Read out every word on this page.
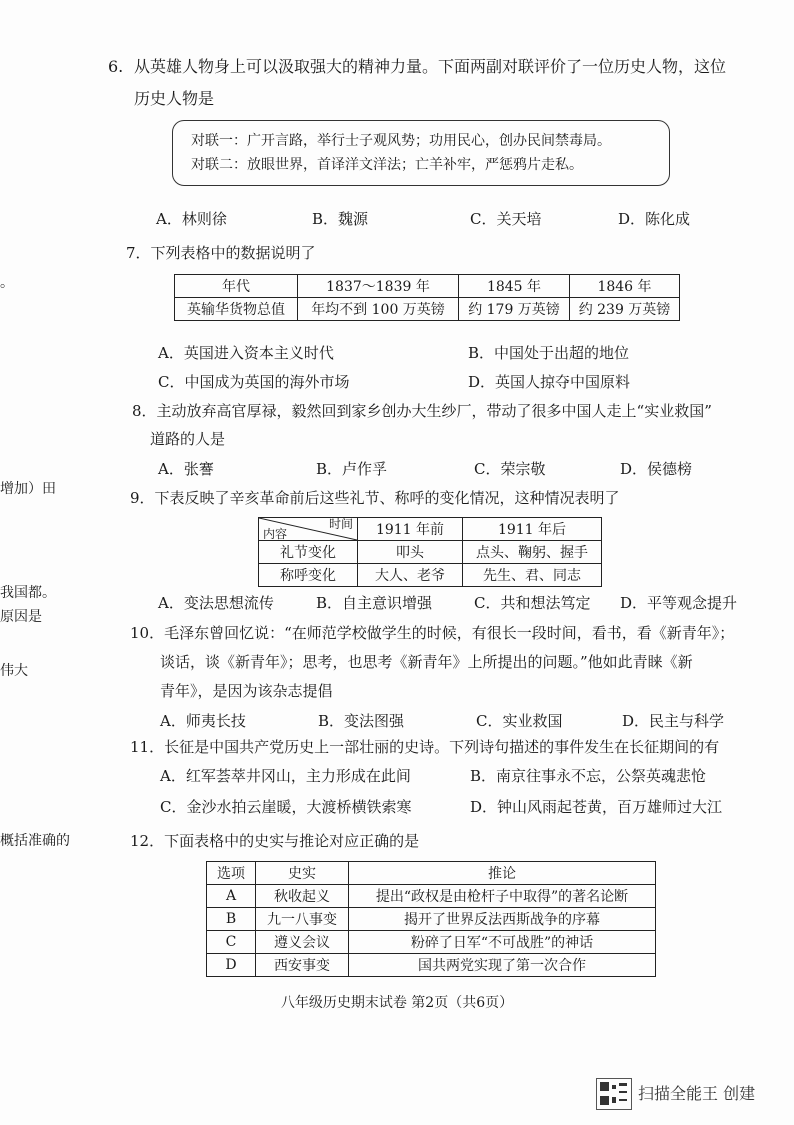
6. 从英雄人物身上可以汲取强大的精神力量。下面两副对联评价了一位历史人物，这位
历史人物是
对联一：广开言路，举行士子观风势；功用民心，创办民间禁毒局。
对联二：放眼世界，首译洋文洋法；亡羊补牢，严惩鸦片走私。
A．林则徐	B．魏源	C．关天培	D．陈化成
7．下列表格中的数据说明了
年代	1837～1839 年	1845 年	1846 年
英输华货物总值	年均不到 100 万英镑	约 179 万英镑	约 239 万英镑
A．英国进入资本主义时代	B．中国处于出超的地位
C．中国成为英国的海外市场	D．英国人掠夺中国原料
8．主动放弃高官厚禄，毅然回到家乡创办大生纱厂，带动了很多中国人走上“实业救国”
道路的人是
A．张謇	B．卢作孚	C．荣宗敬	D．侯德榜
9．下表反映了辛亥革命前后这些礼节、称呼的变化情况，这种情况表明了
时间
内容	1911 年前	1911 年后
礼节变化	叩头	点头、鞠躬、握手
称呼变化	大人、老爷	先生、君、同志
A．变法思想流传	B．自主意识增强	C．共和想法笃定 D．平等观念提升
10．毛泽东曾回忆说：“在师范学校做学生的时候，有很长一段时间，看书，看《新青年》；
谈话，谈《新青年》；思考，也思考《新青年》上所提出的问题。”他如此青睐《新
青年》，是因为该杂志提倡
A．师夷长技	B．变法图强	C．实业救国	D．民主与科学
11．长征是中国共产党历史上一部壮丽的史诗。下列诗句描述的事件发生在长征期间的有
A．红军荟萃井冈山，主力形成在此间	B．南京往事永不忘，公祭英魂悲怆
C．金沙水拍云崖暖，大渡桥横铁索寒	D．钟山风雨起苍黄，百万雄师过大江
12．下面表格中的史实与推论对应正确的是
选项	史实	推论
A	秋收起义	提出“政权是由枪杆子中取得”的著名论断
B	九一八事变	揭开了世界反法西斯战争的序幕
C	遵义会议	粉碎了日军“不可战胜”的神话
D	西安事变	国共两党实现了第一次合作
八年级历史期末试卷 第2页（共6页）
。
增加）田
我国都。
原因是
伟大
概括准确的
扫描全能王 创建
